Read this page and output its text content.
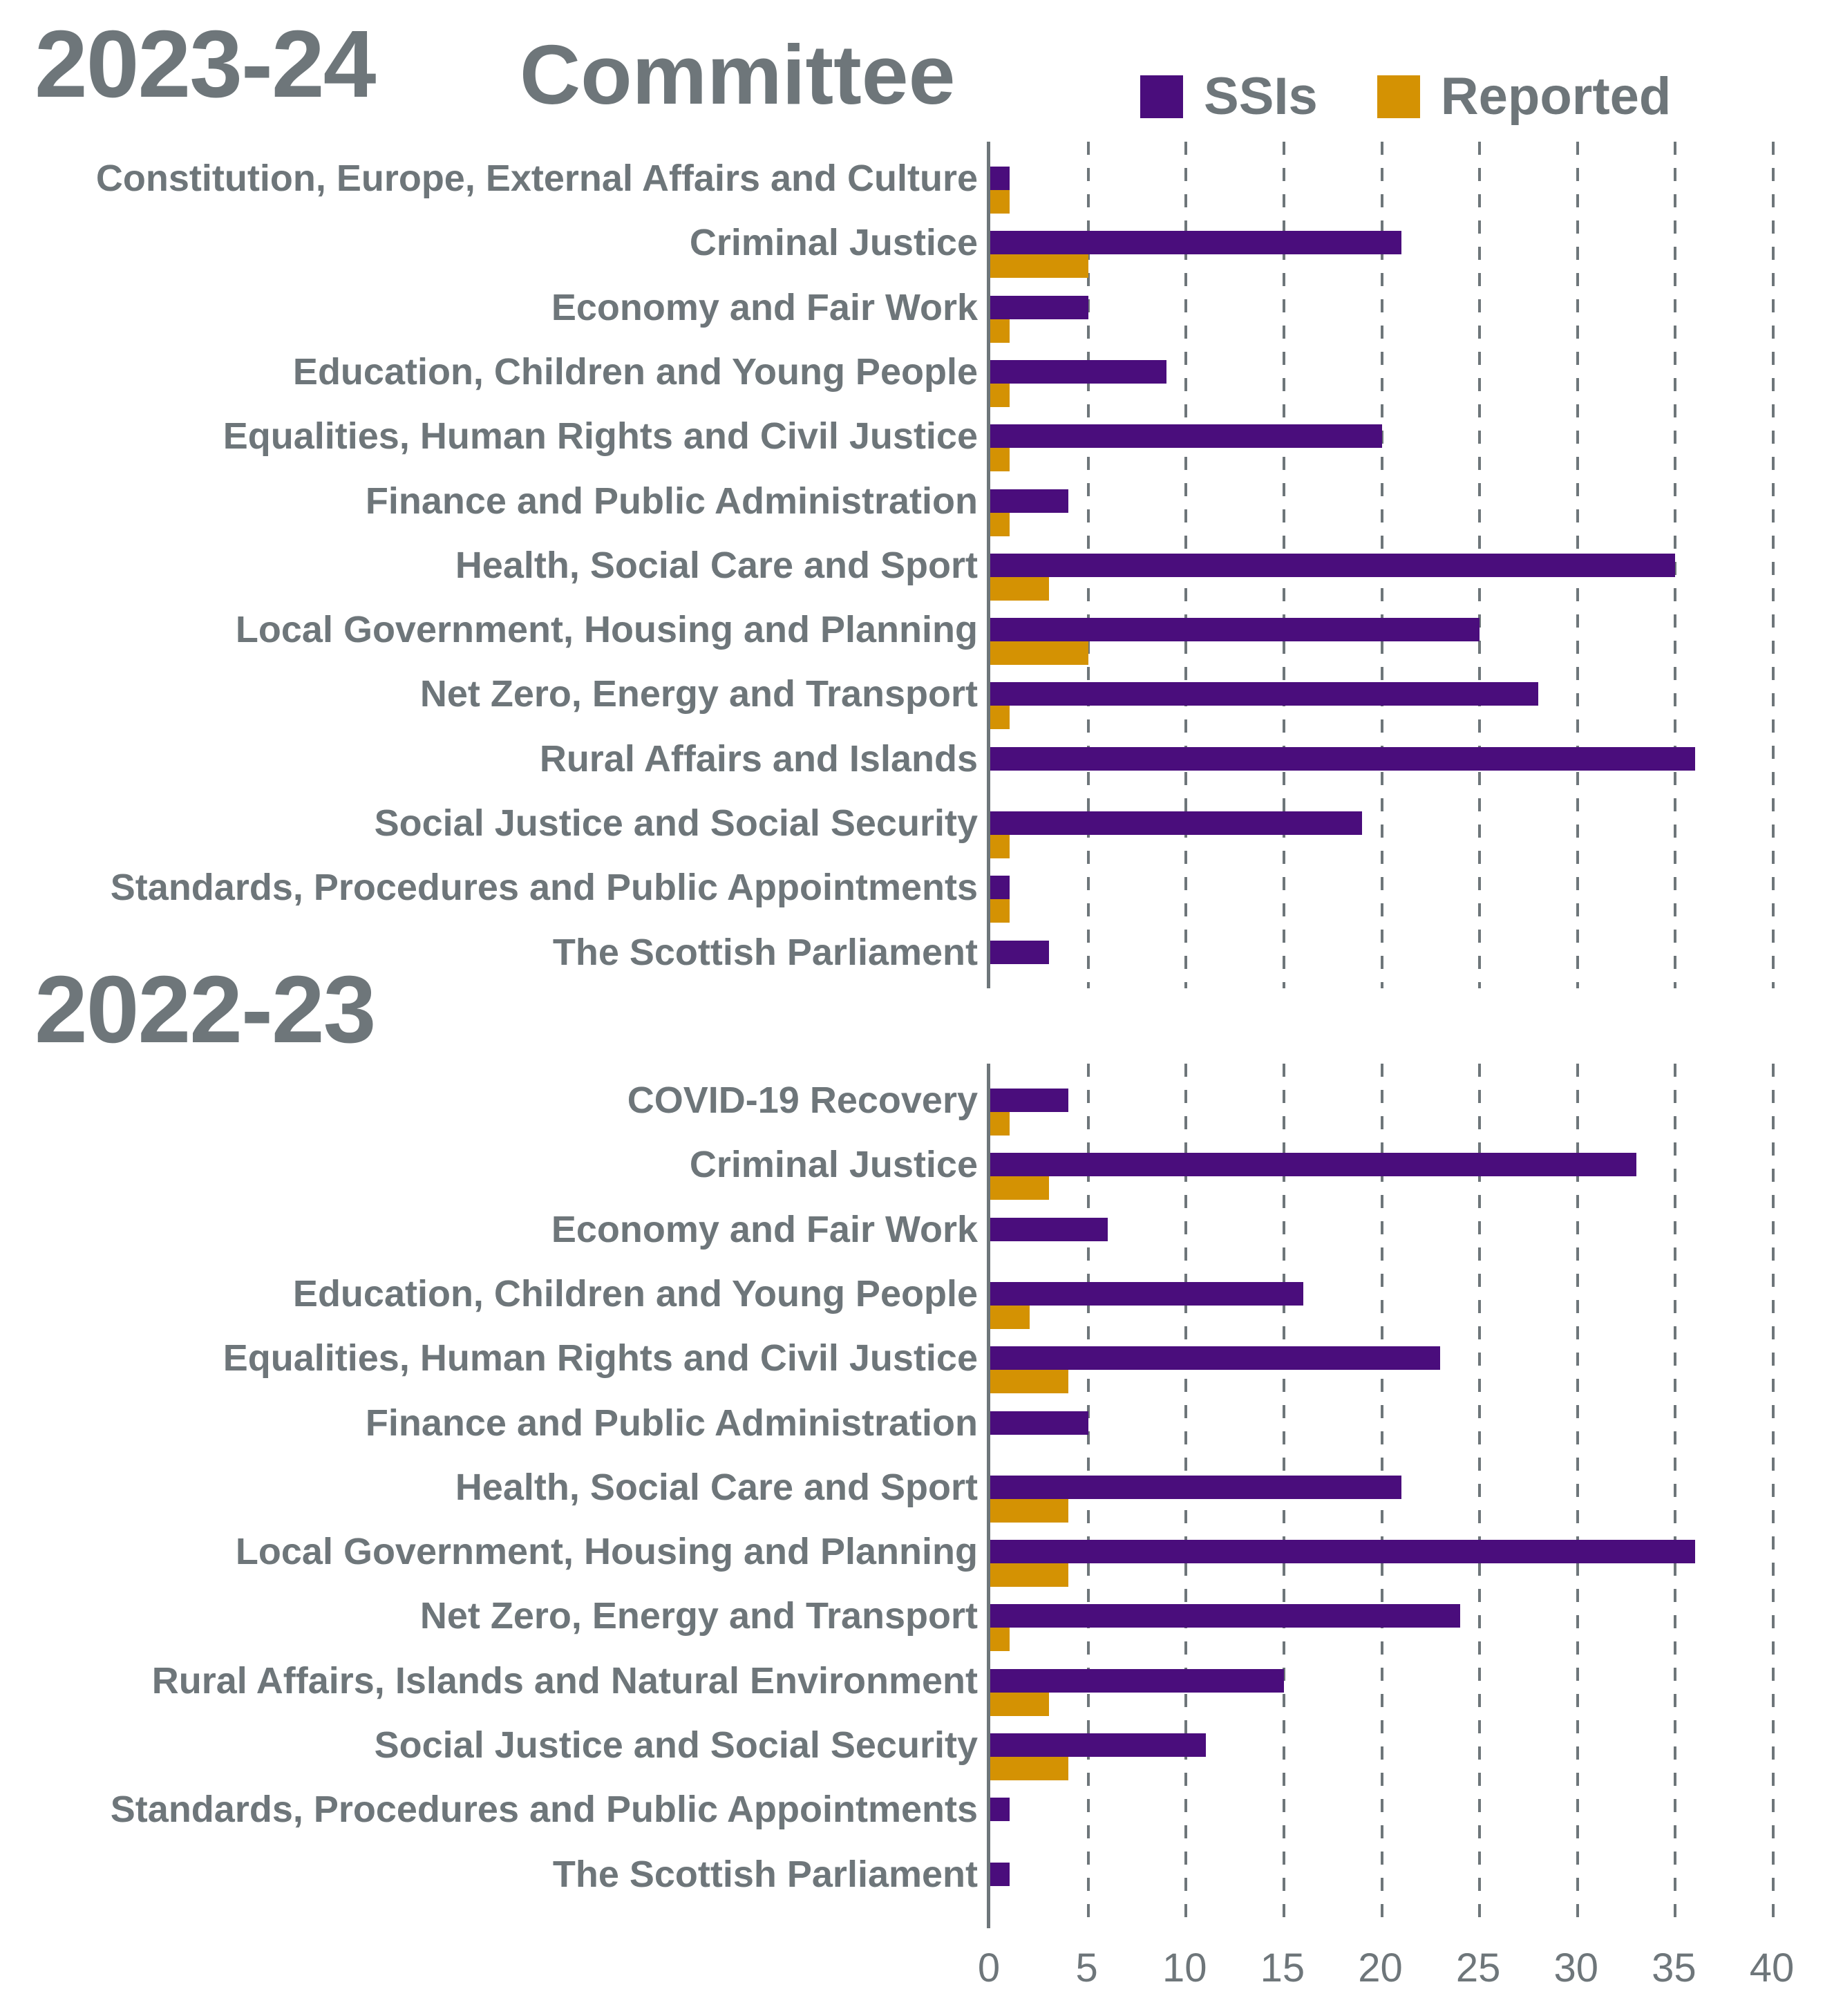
2023-24 Committee	SSIs Reported
Constitution, Europe, External Affairs and Culture
Criminal Justice
Economy and Fair Work
Education, Children and Young People
Equalities, Human Rights and Civil Justice
Finance and Public Administration
Health, Social Care and Sport
Local Government, Housing and Planning
Net Zero, Energy and Transport
Rural Affairs and Islands
Social Justice and Social Security
Standards, Procedures and Public Appointments
The Scottish Parliament
2022-23
COVID-19 Recovery
Criminal Justice
Economy and Fair Work
Education, Children and Young People
Equalities, Human Rights and Civil Justice
Finance and Public Administration
Health, Social Care and Sport
Local Government, Housing and Planning
Net Zero, Energy and Transport
Rural Affairs, Islands and Natural Environment
Social Justice and Social Security
Standards, Procedures and Public Appointments
The Scottish Parliament
0 5 10 15 20 25 30 35 40
